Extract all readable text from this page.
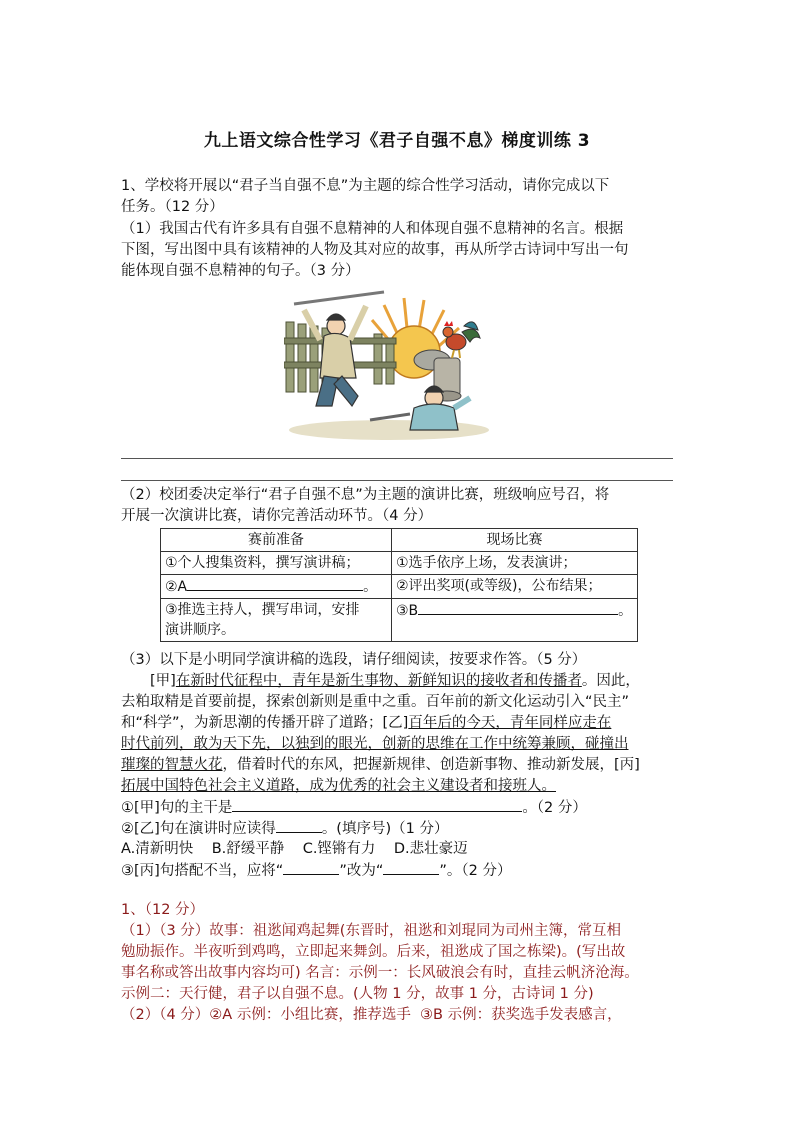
九上语文综合性学习《君子自强不息》梯度训练 3
1、学校将开展以“君子当自强不息”为主题的综合性学习活动，请你完成以下
任务。（12 分）
（1）我国古代有许多具有自强不息精神的人和体现自强不息精神的名言。根据
下图，写出图中具有该精神的人物及其对应的故事，再从所学古诗词中写出一句
能体现自强不息精神的句子。（3 分）
（2）校团委决定举行“君子自强不息”为主题的演讲比赛，班级响应号召，将
开展一次演讲比赛，请你完善活动环节。（4 分）
赛前准备	现场比赛
①个人搜集资料，撰写演讲稿；	①选手依序上场，发表演讲；
②A 。	②评出奖项(或等级)，公布结果；

③推选主持人，撰写串词，安排
演讲顺序。	③B 。
（3）以下是小明同学演讲稿的选段，请仔细阅读，按要求作答。（5 分）
[甲]在新时代征程中，青年是新生事物、新鲜知识的接收者和传播者。因此，
去粕取精是首要前提，探索创新则是重中之重。百年前的新文化运动引入“民主”
和“科学”，为新思潮的传播开辟了道路；[乙]百年后的今天，青年同样应走在
时代前列，敢为天下先，以独到的眼光，创新的思维在工作中统筹兼顾，碰撞出
璀璨的智慧火花，借着时代的东风，把握新规律、创造新事物、推动新发展，[丙]
拓展中国特色社会主义道路，成为优秀的社会主义建设者和接班人。
①[甲]句的主干是	。（2 分）
②[乙]句在演讲时应读得	。(填序号)（1 分）
A.清新明快    B.舒缓平静    C.铿锵有力    D.悲壮豪迈
③[丙]句搭配不当，应将“	”改为“	”。（2 分）
1、（12 分）
（1）（3 分）故事：祖逖闻鸡起舞(东晋时，祖逖和刘琨同为司州主簿，常互相
勉励振作。半夜听到鸡鸣，立即起来舞剑。后来，祖逖成了国之栋梁)。(写出故
事名称或答出故事内容均可) 名言：示例一：长风破浪会有时，直挂云帆济沧海。
示例二：天行健，君子以自强不息。(人物 1 分，故事 1 分，古诗词 1 分)
（2）（4 分）②A 示例：小组比赛，推荐选手  ③B 示例：获奖选手发表感言，
